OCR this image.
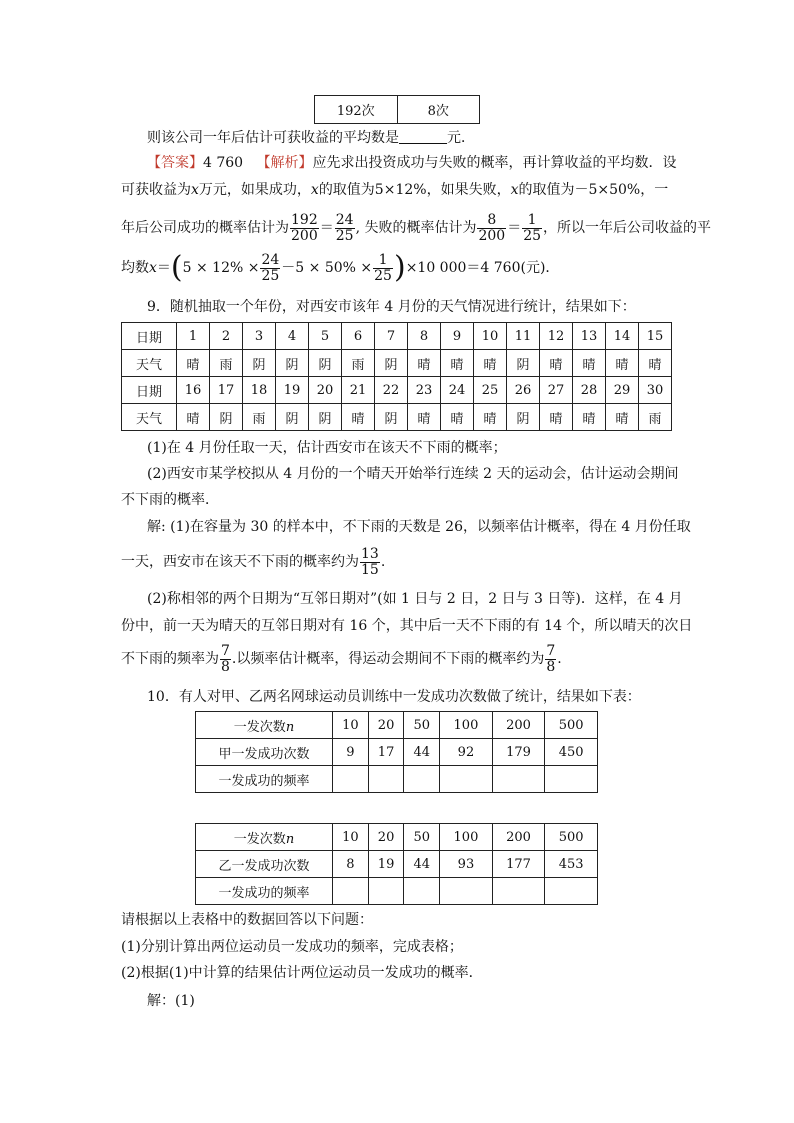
192次	8次
则该公司一年后估计可获收益的平均数是	元．
【答案】4 760 【解析】应先求出投资成功与失败的概率，再计算收益的平均数．设
可获收益为x万元，如果成功，x的取值为5×12%，如果失败，x的取值为－5×50%，一
年后公司成功的概率估计为 $\frac{192}{200} = \frac{24}{25}$ , 失败的概率估计为 $\frac{8}{200} = \frac{1}{25}$ ，所以一年后公司收益的平
均数$x=(5 \times 12\% \times \frac{24}{25} -5 \times 50\% \times \frac{1}{25} )\times 10$ 000＝4 760(元)．
9．随机抽取一个年份，对西安市该年 4 月份的天气情况进行统计，结果如下：
日期	1	2	3	4	5	6	7	8	9	10	11	12	13	14	15
天气	晴	雨	阴	阴	阴	雨	阴	晴	晴	晴	阴	晴	晴	晴	晴
日期	16	17	18	19	20	21	22	23	24	25	26	27	28	29	30
天气	晴	阴	雨	阴	阴	晴	阴	晴	晴	晴	阴	晴	晴	晴	雨
(1)在 4 月份任取一天，估计西安市在该天不下雨的概率；
(2)西安市某学校拟从 4 月份的一个晴天开始举行连续 2 天的运动会，估计运动会期间
不下雨的概率．
解: (1)在容量为 30 的样本中，不下雨的天数是 26，以频率估计概率，得在 4 月份任取
一天，西安市在该天不下雨的概率约为 $\frac{13}{15}$ .
(2)称相邻的两个日期为“互邻日期对”(如 1 日与 2 日，2 日与 3 日等)．这样，在 4 月
份中，前一天为晴天的互邻日期对有 16 个，其中后一天不下雨的有 14 个，所以晴天的次日
不下雨的频率为 $\frac{7}{8}$ .以频率估计概率，得运动会期间不下雨的概率约为 $\frac{7}{8}$ .
10．有人对甲、乙两名网球运动员训练中一发成功次数做了统计，结果如下表：
一发次数n	10	20	50	100	200	500
甲一发成功次数	9	17	44	92	179	450
一发成功的频率						
一发次数n	10	20	50	100	200	500
乙一发成功次数	8	19	44	93	177	453
一发成功的频率						
请根据以上表格中的数据回答以下问题：
(1)分别计算出两位运动员一发成功的频率，完成表格；
(2)根据(1)中计算的结果估计两位运动员一发成功的概率．
解：(1)
